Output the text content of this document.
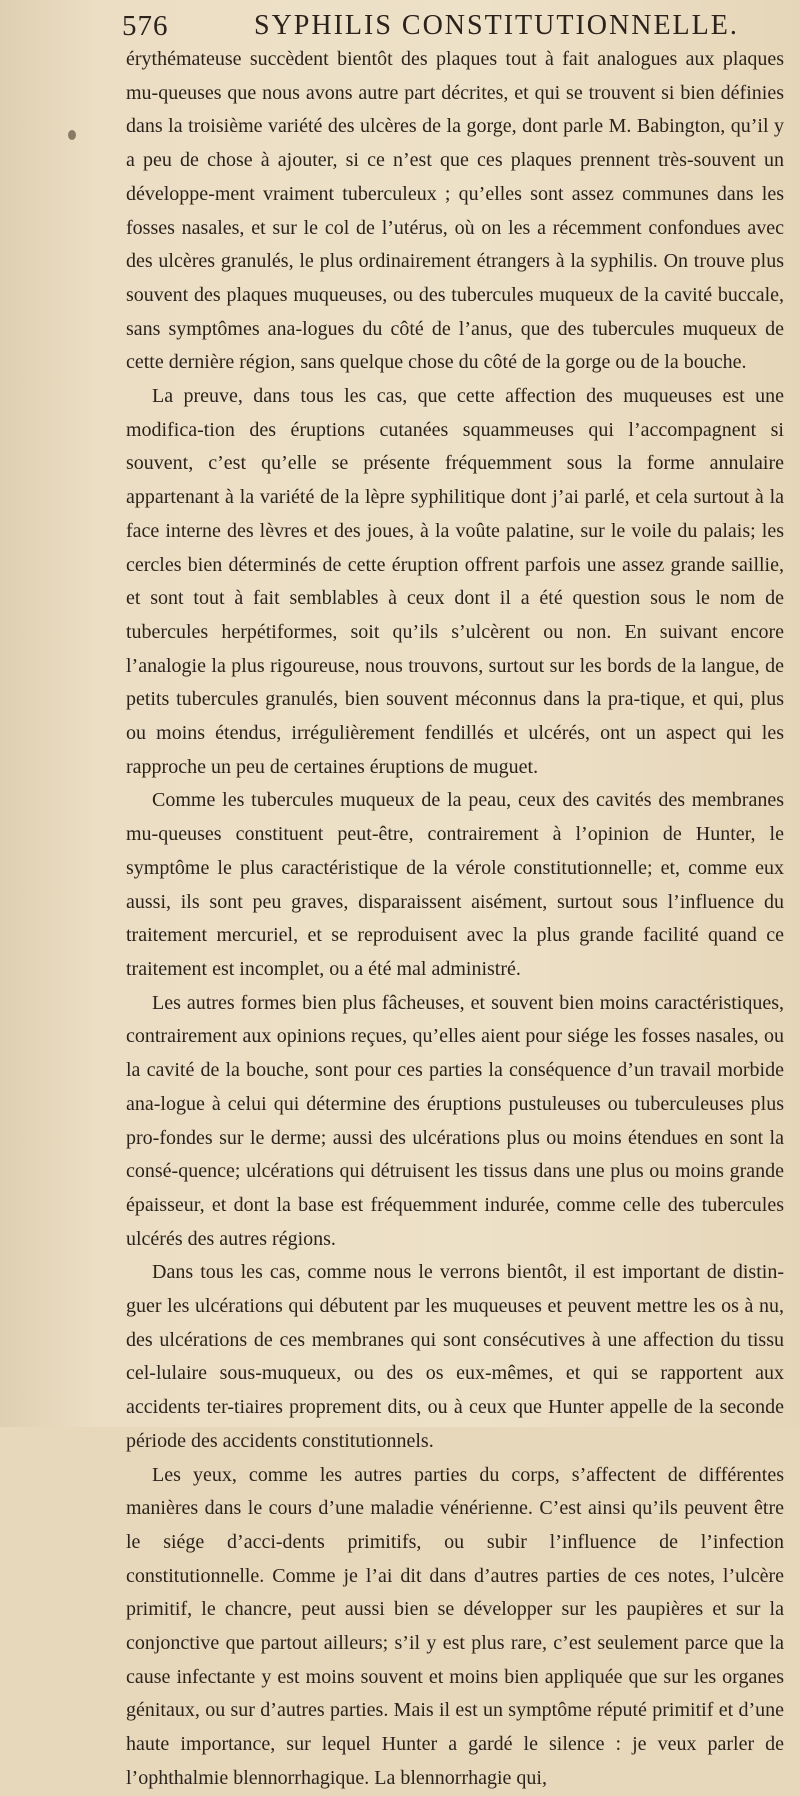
576	SYPHILIS CONSTITUTIONNELLE.

érythémateuse succèdent bientôt des plaques tout à fait analogues aux plaques mu-queuses que nous avons autre part décrites, et qui se trouvent si bien définies dans la troisième variété des ulcères de la gorge, dont parle M. Babington, qu’il y a peu de chose à ajouter, si ce n’est que ces plaques prennent très-souvent un développe-ment vraiment tuberculeux ; qu’elles sont assez communes dans les fosses nasales, et sur le col de l’utérus, où on les a récemment confondues avec des ulcères granulés, le plus ordinairement étrangers à la syphilis. On trouve plus souvent des plaques muqueuses, ou des tubercules muqueux de la cavité buccale, sans symptômes ana-logues du côté de l’anus, que des tubercules muqueux de cette dernière région, sans quelque chose du côté de la gorge ou de la bouche.

La preuve, dans tous les cas, que cette affection des muqueuses est une modifica-tion des éruptions cutanées squammeuses qui l’accompagnent si souvent, c’est qu’elle se présente fréquemment sous la forme annulaire appartenant à la variété de la lèpre syphilitique dont j’ai parlé, et cela surtout à la face interne des lèvres et des joues, à la voûte palatine, sur le voile du palais; les cercles bien déterminés de cette éruption offrent parfois une assez grande saillie, et sont tout à fait semblables à ceux dont il a été question sous le nom de tubercules herpétiformes, soit qu’ils s’ulcèrent ou non. En suivant encore l’analogie la plus rigoureuse, nous trouvons, surtout sur les bords de la langue, de petits tubercules granulés, bien souvent méconnus dans la pra-tique, et qui, plus ou moins étendus, irrégulièrement fendillés et ulcérés, ont un aspect qui les rapproche un peu de certaines éruptions de muguet.

Comme les tubercules muqueux de la peau, ceux des cavités des membranes mu-queuses constituent peut-être, contrairement à l’opinion de Hunter, le symptôme le plus caractéristique de la vérole constitutionnelle; et, comme eux aussi, ils sont peu graves, disparaissent aisément, surtout sous l’influence du traitement mercuriel, et se reproduisent avec la plus grande facilité quand ce traitement est incomplet, ou a été mal administré.

Les autres formes bien plus fâcheuses, et souvent bien moins caractéristiques, contrairement aux opinions reçues, qu’elles aient pour siége les fosses nasales, ou la cavité de la bouche, sont pour ces parties la conséquence d’un travail morbide ana-logue à celui qui détermine des éruptions pustuleuses ou tuberculeuses plus pro-fondes sur le derme; aussi des ulcérations plus ou moins étendues en sont la consé-quence; ulcérations qui détruisent les tissus dans une plus ou moins grande épaisseur, et dont la base est fréquemment indurée, comme celle des tubercules ulcérés des autres régions.

Dans tous les cas, comme nous le verrons bientôt, il est important de distin-guer les ulcérations qui débutent par les muqueuses et peuvent mettre les os à nu, des ulcérations de ces membranes qui sont consécutives à une affection du tissu cel-lulaire sous-muqueux, ou des os eux-mêmes, et qui se rapportent aux accidents ter-tiaires proprement dits, ou à ceux que Hunter appelle de la seconde période des accidents constitutionnels.

Les yeux, comme les autres parties du corps, s’affectent de différentes manières dans le cours d’une maladie vénérienne. C’est ainsi qu’ils peuvent être le siége d’acci-dents primitifs, ou subir l’influence de l’infection constitutionnelle. Comme je l’ai dit dans d’autres parties de ces notes, l’ulcère primitif, le chancre, peut aussi bien se développer sur les paupières et sur la conjonctive que partout ailleurs; s’il y est plus rare, c’est seulement parce que la cause infectante y est moins souvent et moins bien appliquée que sur les organes génitaux, ou sur d’autres parties. Mais il est un symptôme réputé primitif et d’une haute importance, sur lequel Hunter a gardé le silence : je veux parler de l’ophthalmie blennorrhagique. La blennorrhagie qui,
